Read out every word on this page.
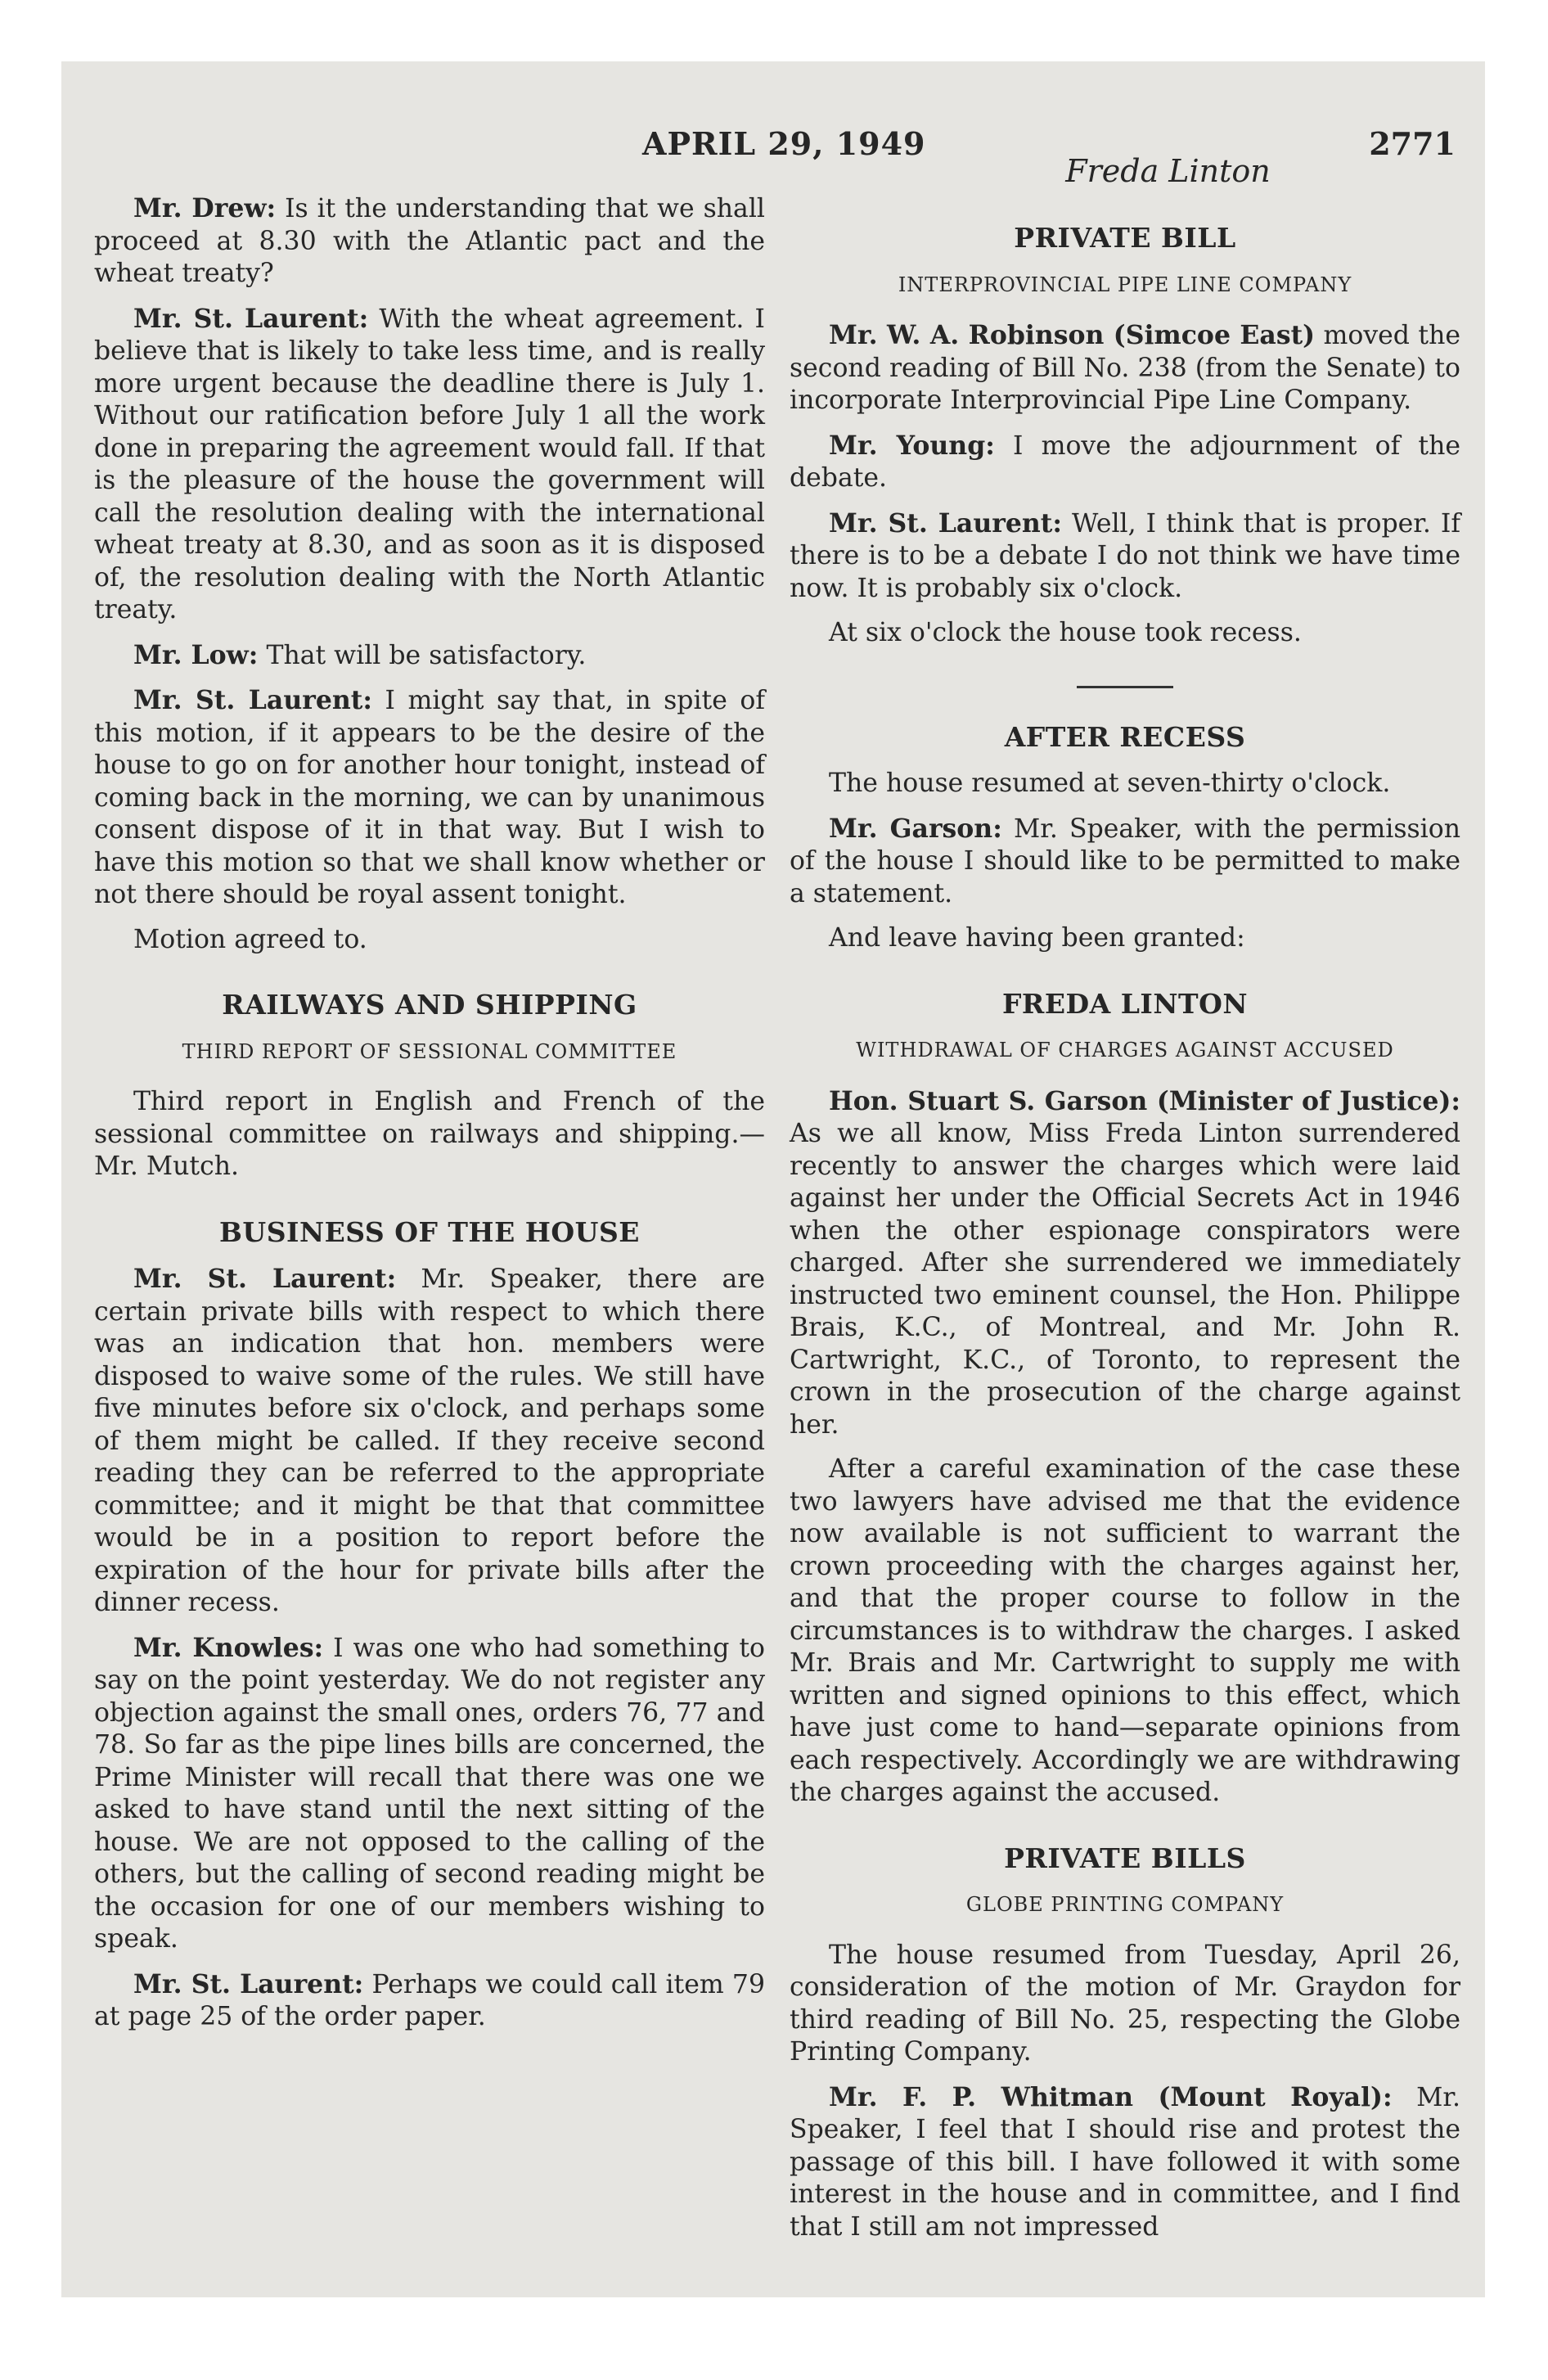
APRIL 29, 1949	2771
Freda Linton

Mr. Drew: Is it the understanding that we shall proceed at 8.30 with the Atlantic pact and the wheat treaty?

Mr. St. Laurent: With the wheat agreement. I believe that is likely to take less time, and is really more urgent because the deadline there is July 1. Without our ratification before July 1 all the work done in preparing the agreement would fall. If that is the pleasure of the house the government will call the resolution dealing with the international wheat treaty at 8.30, and as soon as it is disposed of, the resolution dealing with the North Atlantic treaty.

Mr. Low: That will be satisfactory.

Mr. St. Laurent: I might say that, in spite of this motion, if it appears to be the desire of the house to go on for another hour tonight, instead of coming back in the morning, we can by unanimous consent dispose of it in that way. But I wish to have this motion so that we shall know whether or not there should be royal assent tonight.

Motion agreed to.

RAILWAYS AND SHIPPING
THIRD REPORT OF SESSIONAL COMMITTEE

Third report in English and French of the sessional committee on railways and shipping.—Mr. Mutch.

BUSINESS OF THE HOUSE

Mr. St. Laurent: Mr. Speaker, there are certain private bills with respect to which there was an indication that hon. members were disposed to waive some of the rules. We still have five minutes before six o'clock, and perhaps some of them might be called. If they receive second reading they can be referred to the appropriate committee; and it might be that that committee would be in a position to report before the expiration of the hour for private bills after the dinner recess.

Mr. Knowles: I was one who had something to say on the point yesterday. We do not register any objection against the small ones, orders 76, 77 and 78. So far as the pipe lines bills are concerned, the Prime Minister will recall that there was one we asked to have stand until the next sitting of the house. We are not opposed to the calling of the others, but the calling of second reading might be the occasion for one of our members wishing to speak.

Mr. St. Laurent: Perhaps we could call item 79 at page 25 of the order paper.

PRIVATE BILL
INTERPROVINCIAL PIPE LINE COMPANY

Mr. W. A. Robinson (Simcoe East) moved the second reading of Bill No. 238 (from the Senate) to incorporate Interprovincial Pipe Line Company.

Mr. Young: I move the adjournment of the debate.

Mr. St. Laurent: Well, I think that is proper. If there is to be a debate I do not think we have time now. It is probably six o'clock.

At six o'clock the house took recess.

AFTER RECESS

The house resumed at seven-thirty o'clock.

Mr. Garson: Mr. Speaker, with the permission of the house I should like to be permitted to make a statement.

And leave having been granted:

FREDA LINTON
WITHDRAWAL OF CHARGES AGAINST ACCUSED

Hon. Stuart S. Garson (Minister of Justice): As we all know, Miss Freda Linton surrendered recently to answer the charges which were laid against her under the Official Secrets Act in 1946 when the other espionage conspirators were charged. After she surrendered we immediately instructed two eminent counsel, the Hon. Philippe Brais, K.C., of Montreal, and Mr. John R. Cartwright, K.C., of Toronto, to represent the crown in the prosecution of the charge against her.

After a careful examination of the case these two lawyers have advised me that the evidence now available is not sufficient to warrant the crown proceeding with the charges against her, and that the proper course to follow in the circumstances is to withdraw the charges. I asked Mr. Brais and Mr. Cartwright to supply me with written and signed opinions to this effect, which have just come to hand—separate opinions from each respectively. Accordingly we are withdrawing the charges against the accused.

PRIVATE BILLS
GLOBE PRINTING COMPANY

The house resumed from Tuesday, April 26, consideration of the motion of Mr. Graydon for third reading of Bill No. 25, respecting the Globe Printing Company.

Mr. F. P. Whitman (Mount Royal): Mr. Speaker, I feel that I should rise and protest the passage of this bill. I have followed it with some interest in the house and in committee, and I find that I still am not impressed
